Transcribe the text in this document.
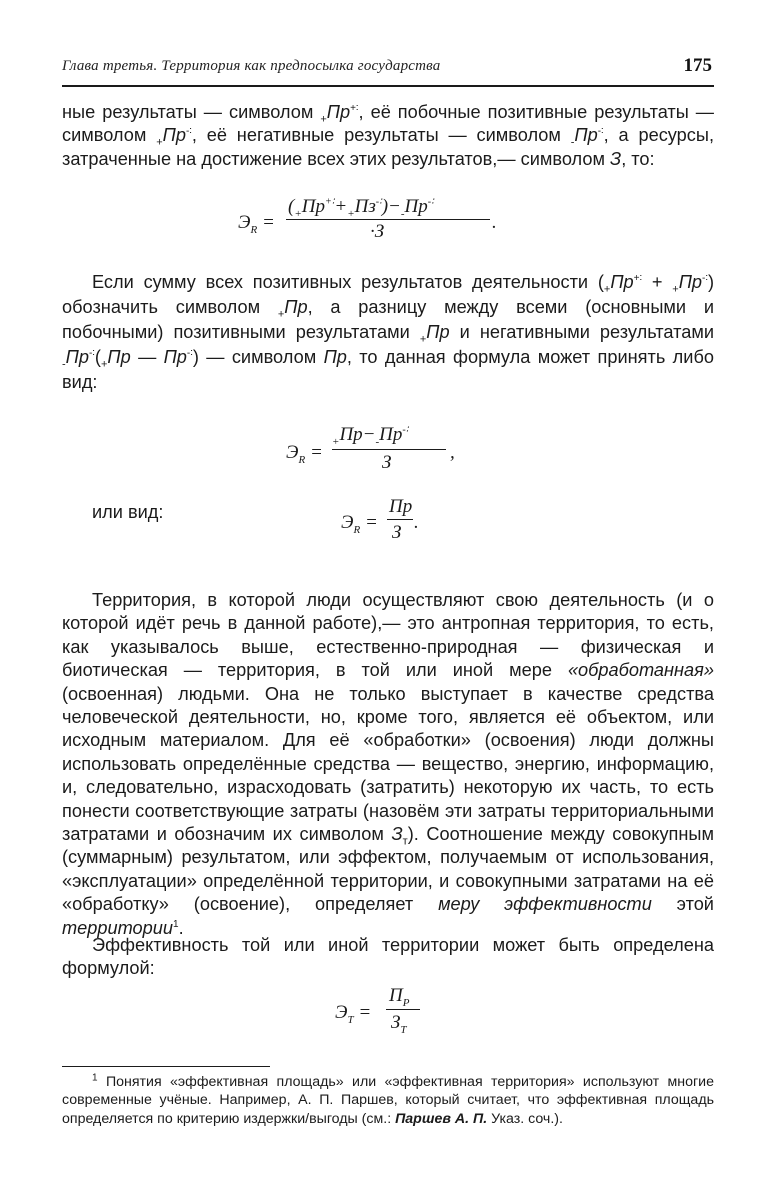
Глава третья. Территория как предпосылка государства	175
ные результаты — символом $_+$Пр+∶, её побочные позитивные результаты — символом $_+$Пр-∶, её негативные результаты — символом $_-$Пр-∶, а ресурсы, затраченные на достижение всех этих результатов,— символом З, то:
$Э_R$ =
$(_+Пр^{+∶}+_+Пз^{-∶})-_-Пр^{-∶}$
·З	.
Если сумму всех позитивных результатов деятельности $(_+Пр^{+∶} + _+Пр^{-∶})$ обозначить символом $_+$Пр, а разницу между всеми (основными и побочными) позитивными результатами $_+$Пр и негативными результатами $_-Пр^{-∶}(_+Пр$ — Пр-∶) — символом Пр, то данная формула может принять либо вид:
$Э_R$ =
$_+Пр-_-Пр^{-∶}$
З	,
или вид:	$Э_R$ =
Пр
З .
Территория, в которой люди осуществляют свою деятельность (и о которой идёт речь в данной работе),— это антропная территория, то есть, как указывалось выше, естественно-природная — физическая и биотическая — территория, в той или иной мере «обработанная» (освоенная) людьми. Она не только выступает в качестве средства человеческой деятельности, но, кроме того, является её объектом, или исходным материалом. Для её «обработки» (освоения) люди должны использовать определённые средства — вещество, энергию, информацию, и, следовательно, израсходовать (затратить) некоторую их часть, то есть понести соответствующие затраты (назовём эти затраты территориальными затратами и обозначим их символом $З_т$). Соотношение между совокупным (суммарным) результатом, или эффектом, получаемым от использования, «эксплуатации» определённой территории, и совокупными затратами на её «обработку» (освоение), определяет меру эффективности этой территории$^1$.
Эффективность той или иной территории может быть определена формулой:
$Э_T$ =
$П_P$
$З_T$
$^1$ Понятия «эффективная площадь» или «эффективная территория» используют многие современные учёные. Например, А. П. Паршев, который считает, что эффективная площадь определяется по критерию издержки/выгоды (см.: Паршев А. П. Указ. соч.).
